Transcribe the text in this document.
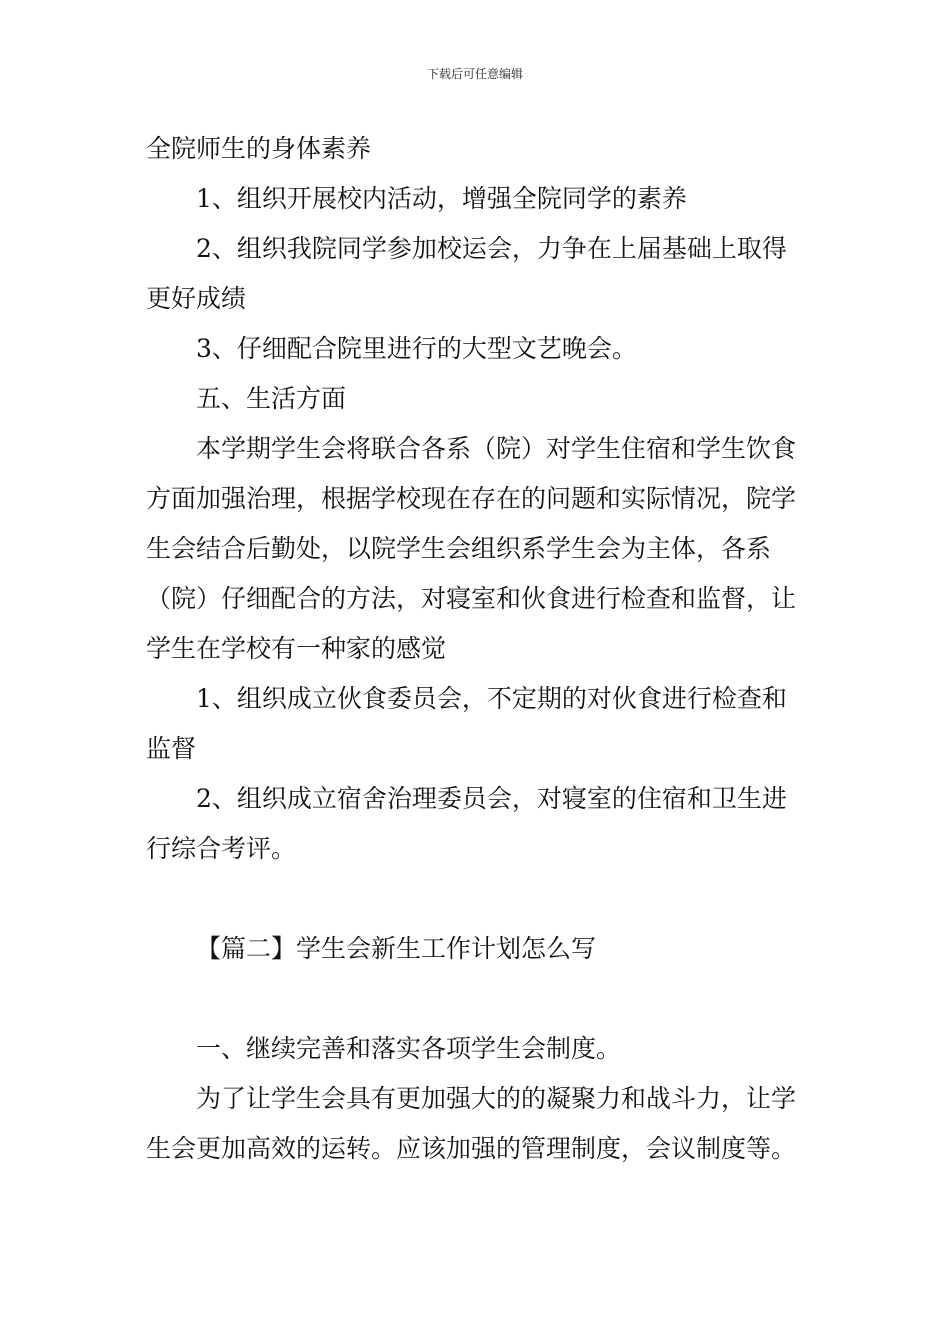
下载后可任意编辑

全院师生的身体素养

1、组织开展校内活动，增强全院同学的素养

2、组织我院同学参加校运会，力争在上届基础上取得更好成绩

3、仔细配合院里进行的大型文艺晚会。

五、生活方面

本学期学生会将联合各系（院）对学生住宿和学生饮食方面加强治理，根据学校现在存在的问题和实际情况，院学生会结合后勤处，以院学生会组织系学生会为主体，各系（院）仔细配合的方法，对寝室和伙食进行检查和监督，让学生在学校有一种家的感觉

1、组织成立伙食委员会，不定期的对伙食进行检查和监督

2、组织成立宿舍治理委员会，对寝室的住宿和卫生进行综合考评。

【篇二】学生会新生工作计划怎么写

一、继续完善和落实各项学生会制度。

为了让学生会具有更加强大的的凝聚力和战斗力，让学生会更加高效的运转。应该加强的管理制度，会议制度等。
